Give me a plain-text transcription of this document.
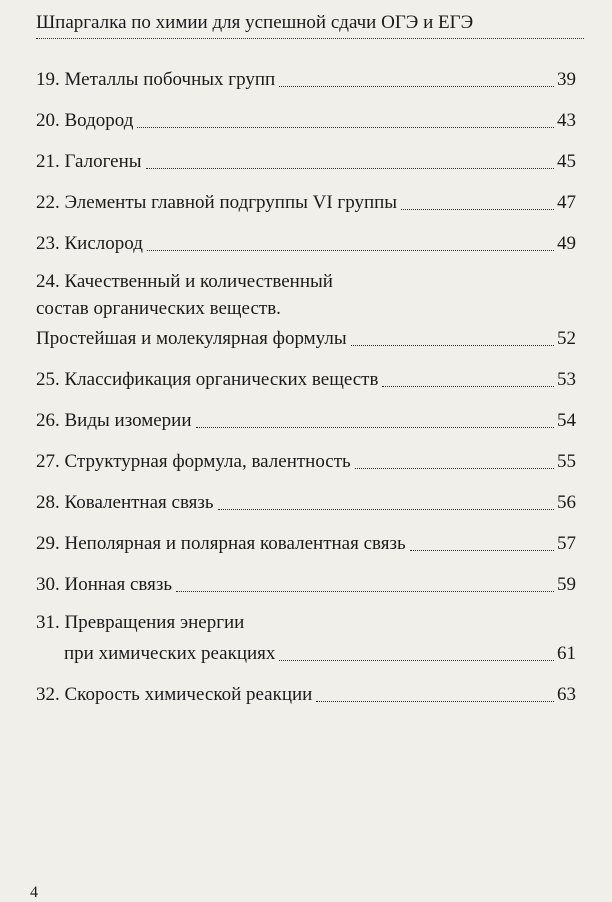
Шпаргалка по химии для успешной сдачи ОГЭ и ЕГЭ
19. Металлы побочных групп	39
20. Водород	43
21. Галогены	45
22. Элементы главной подгруппы VI группы	47
23. Кислород	49
24. Качественный и количественный
состав органических веществ.
Простейшая и молекулярная формулы	52
25. Классификация органических веществ	53
26. Виды изомерии	54
27. Структурная формула, валентность	55
28. Ковалентная связь	56
29. Неполярная и полярная ковалентная связь	57
30. Ионная связь	59
31. Превращения энергии
при химических реакциях	61
32. Скорость химической реакции	63
4
